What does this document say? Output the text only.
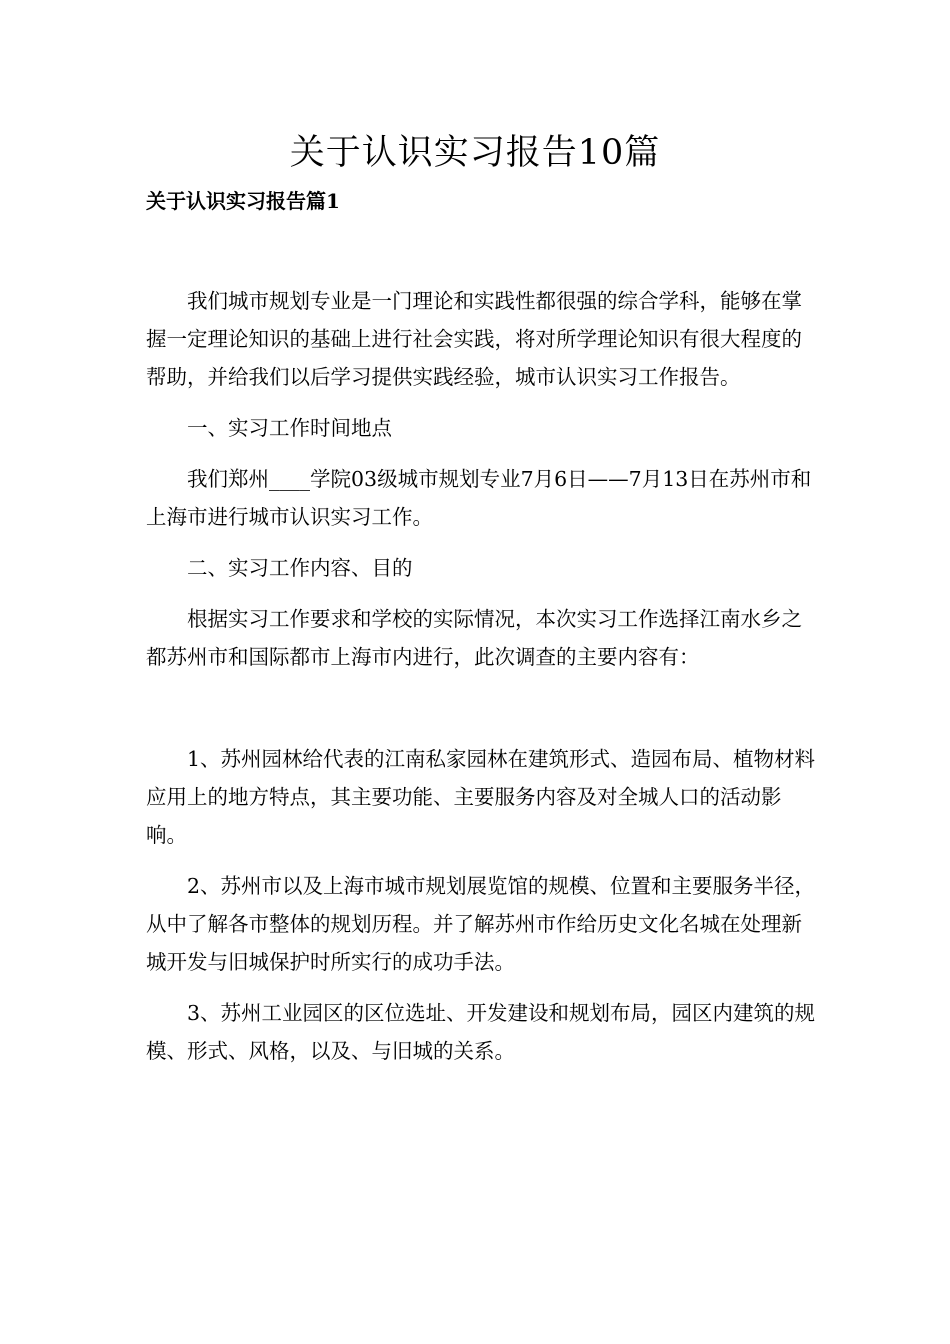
关于认识实习报告10篇
关于认识实习报告篇1

我们城市规划专业是一门理论和实践性都很强的综合学科，能够在掌握一定理论知识的基础上进行社会实践，将对所学理论知识有很大程度的帮助，并给我们以后学习提供实践经验，城市认识实习工作报告。

一、实习工作时间地点

我们郑州____学院03级城市规划专业7月6日——7月13日在苏州市和上海市进行城市认识实习工作。

二、实习工作内容、目的

根据实习工作要求和学校的实际情况，本次实习工作选择江南水乡之都苏州市和国际都市上海市内进行，此次调查的主要内容有：

1、苏州园林给代表的江南私家园林在建筑形式、造园布局、植物材料应用上的地方特点，其主要功能、主要服务内容及对全城人口的活动影响。

2、苏州市以及上海市城市规划展览馆的规模、位置和主要服务半径，从中了解各市整体的规划历程。并了解苏州市作给历史文化名城在处理新城开发与旧城保护时所实行的成功手法。

3、苏州工业园区的区位选址、开发建设和规划布局，园区内建筑的规模、形式、风格，以及、与旧城的关系。
